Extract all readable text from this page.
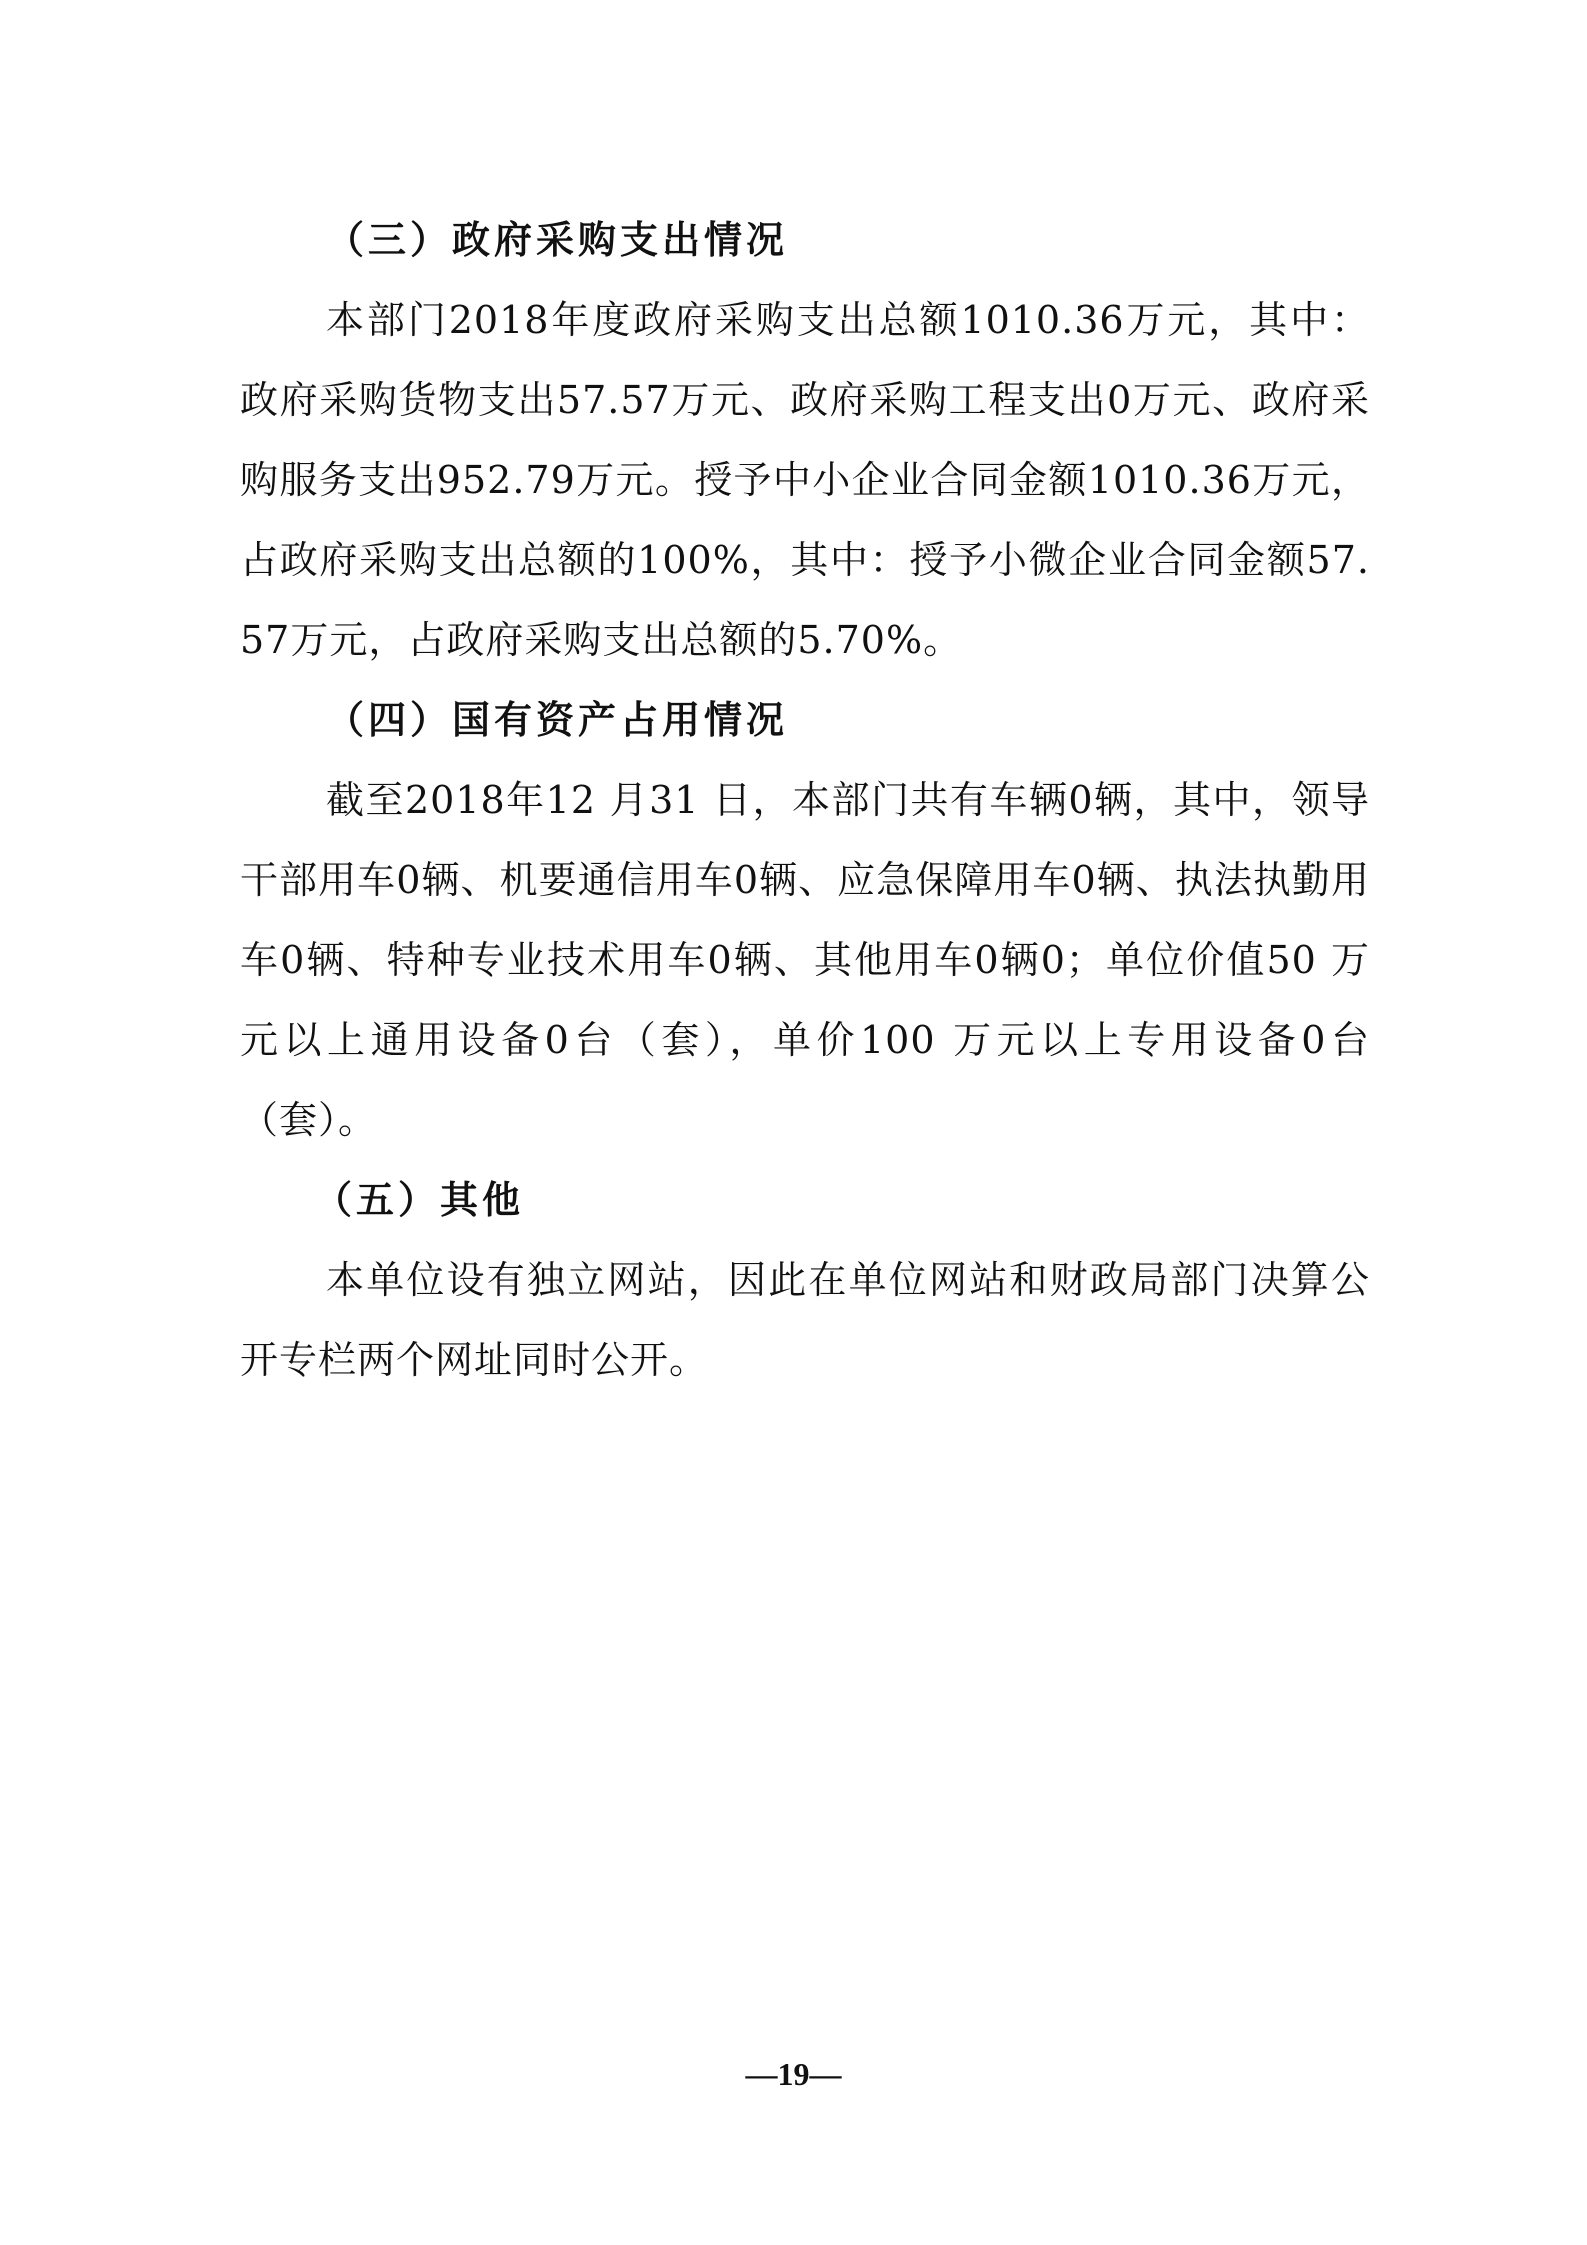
（三）政府采购支出情况

本部门2018年度政府采购支出总额1010.36万元，其中：政府采购货物支出57.57万元、政府采购工程支出0万元、政府采购服务支出952.79万元。授予中小企业合同金额1010.36万元，占政府采购支出总额的100%，其中：授予小微企业合同金额57.57万元，占政府采购支出总额的5.70%。

（四）国有资产占用情况

截至2018年12 月31 日，本部门共有车辆0辆，其中，领导干部用车0辆、机要通信用车0辆、应急保障用车0辆、执法执勤用车0辆、特种专业技术用车0辆、其他用车0辆0；单位价值50 万元以上通用设备0台（套），单价100 万元以上专用设备0台（套）。

（五）其他

本单位设有独立网站，因此在单位网站和财政局部门决算公开专栏两个网址同时公开。

—19—
